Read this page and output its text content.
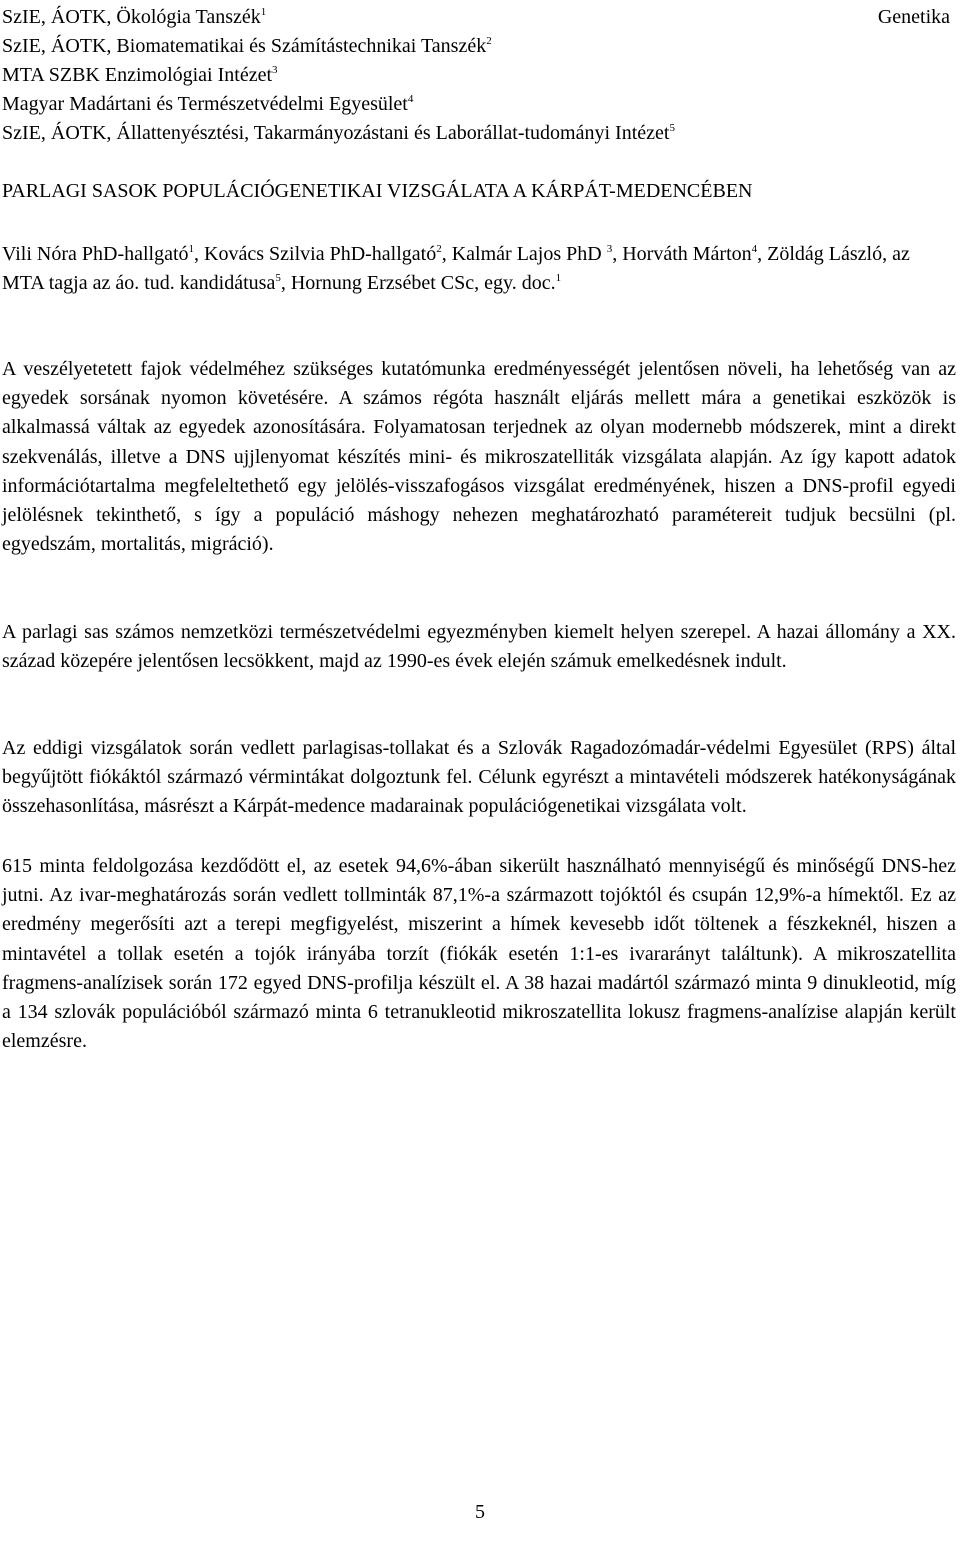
SzIE, ÁOTK, Ökológia Tanszék$^1$
SzIE, ÁOTK, Biomatematikai és Számítástechnikai Tanszék$^2$
MTA SZBK Enzimológiai Intézet$^3$
Magyar Madártani és Természetvédelmi Egyesület$^4$
SzIE, ÁOTK, Állattenyésztési, Takarmányozástani és Laborállat-tudományi Intézet$^5$
Genetika
PARLAGI SASOK POPULÁCIÓGENETIKAI VIZSGÁLATA A KÁRPÁT-MEDENCÉBEN
Vili Nóra PhD-hallgató$^1$, Kovács Szilvia PhD-hallgató$^2$, Kalmár Lajos PhD $^3$, Horváth Márton$^4$, Zöldág László, az MTA tagja az áo. tud. kandidátusa$^5$, Hornung Erzsébet CSc, egy. doc.$^1$

A veszélyetetett fajok védelméhez szükséges kutatómunka eredményességét jelentősen növeli, ha lehetőség van az egyedek sorsának nyomon követésére. A számos régóta használt eljárás mellett mára a genetikai eszközök is alkalmassá váltak az egyedek azonosítására. Folyamatosan terjednek az olyan modernebb módszerek, mint a direkt szekvenálás, illetve a DNS ujjlenyomat készítés mini- és mikroszatelliták vizsgálata alapján. Az így kapott adatok információtartalma megfeleltethető egy jelölés-visszafogásos vizsgálat eredményének, hiszen a DNS-profil egyedi jelölésnek tekinthető, s így a populáció máshogy nehezen meghatározható paramétereit tudjuk becsülni (pl. egyedszám, mortalitás, migráció).

A parlagi sas számos nemzetközi természetvédelmi egyezményben kiemelt helyen szerepel. A hazai állomány a XX. század közepére jelentősen lecsökkent, majd az 1990-es évek elején számuk emelkedésnek indult.

Az eddigi vizsgálatok során vedlett parlagisas-tollakat és a Szlovák Ragadozómadár-védelmi Egyesület (RPS) által begyűjtött fiókáktól származó vérmintákat dolgoztunk fel. Célunk egyrészt a mintavételi módszerek hatékonyságának összehasonlítása, másrészt a Kárpát-medence madarainak populációgenetikai vizsgálata volt.

615 minta feldolgozása kezdődött el, az esetek 94,6%-ában sikerült használható mennyiségű és minőségű DNS-hez jutni. Az ivar-meghatározás során vedlett tollminták 87,1%-a származott tojóktól és csupán 12,9%-a hímektől. Ez az eredmény megerősíti azt a terepi megfigyelést, miszerint a hímek kevesebb időt töltenek a fészkeknél, hiszen a mintavétel a tollak esetén a tojók irányába torzít (fiókák esetén 1:1-es ivararányt találtunk). A mikroszatellita fragmens-analízisek során 172 egyed DNS-profilja készült el. A 38 hazai madártól származó minta 9 dinukleotid, míg a 134 szlovák populációból származó minta 6 tetranukleotid mikroszatellita lokusz fragmens-analízise alapján került elemzésre.

5
